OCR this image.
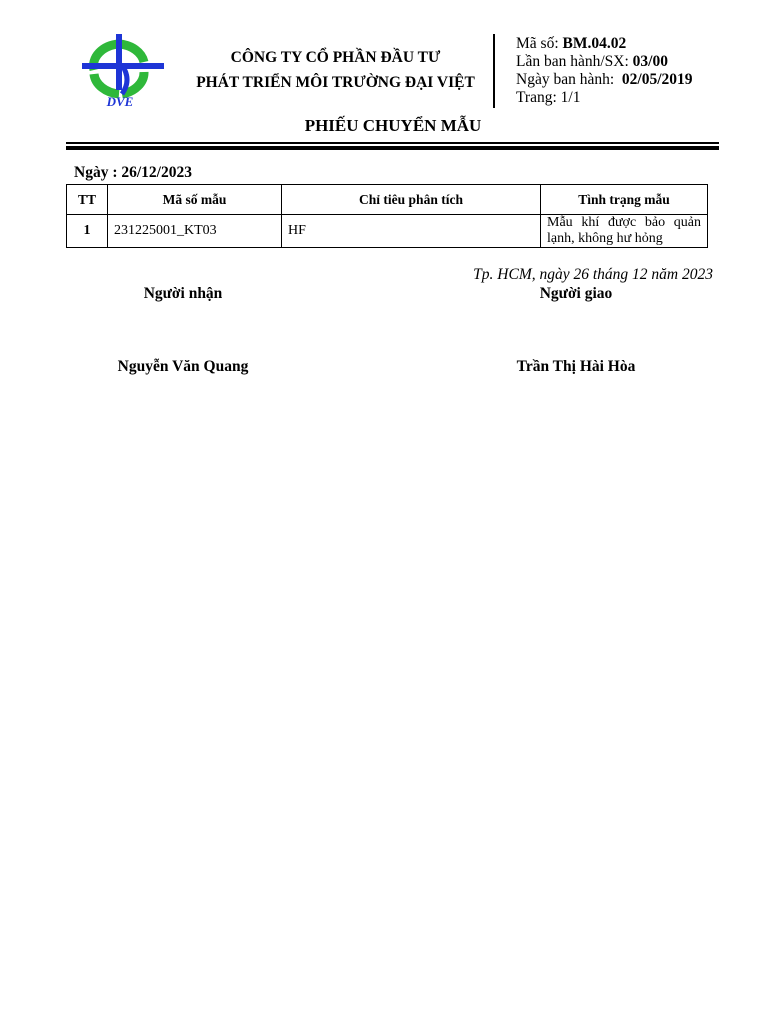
DVE
CÔNG TY CỔ PHẦN ĐẦU TƯ
PHÁT TRIỂN MÔI TRƯỜNG ĐẠI VIỆT
Mã số: BM.04.02
Lần ban hành/SX: 03/00
Ngày ban hành: 02/05/2019
Trang: 1/1
PHIẾU CHUYỂN MẪU
Ngày : 26/12/2023
TT	Mã số mẫu	Chỉ tiêu phân tích	Tình trạng mẫu
1	231225001_KT03	HF	Mẫu khí được bảo quản lạnh, không hư hỏng
Tp. HCM, ngày 26 tháng 12 năm 2023
Người nhận	Người giao
Nguyễn Văn Quang	Trần Thị Hài Hòa
